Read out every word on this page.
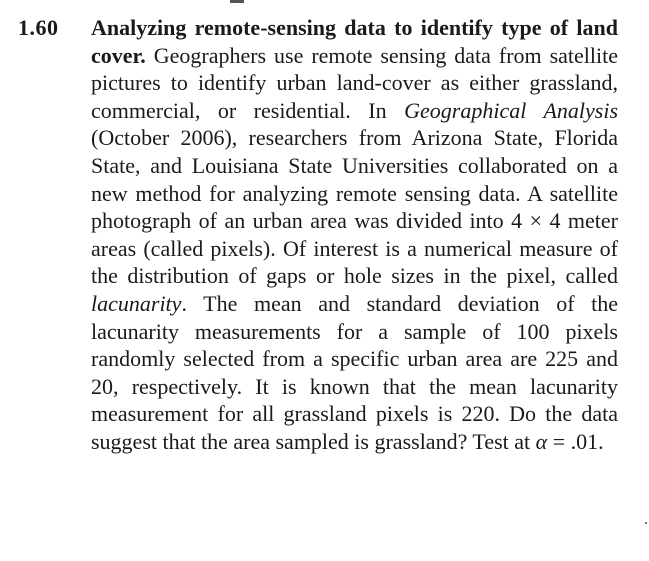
1.60 Analyzing remote-sensing data to identify type of land cover. Geographers use remote sensing data from satellite pictures to identify urban land-cover as either grassland, commercial, or residential. In Geographical Analysis (October 2006), researchers from Arizona State, Florida State, and Louisiana State Universities collaborated on a new method for analyzing remote sensing data. A satellite photograph of an urban area was divided into 4 × 4 meter areas (called pixels). Of interest is a numerical measure of the distribution of gaps or hole sizes in the pixel, called lacunarity. The mean and standard deviation of the lacunarity measurements for a sample of 100 pixels randomly selected from a specific urban area are 225 and 20, respectively. It is known that the mean lacunarity measurement for all grassland pixels is 220. Do the data suggest that the area sampled is grassland? Test at α = .01.
